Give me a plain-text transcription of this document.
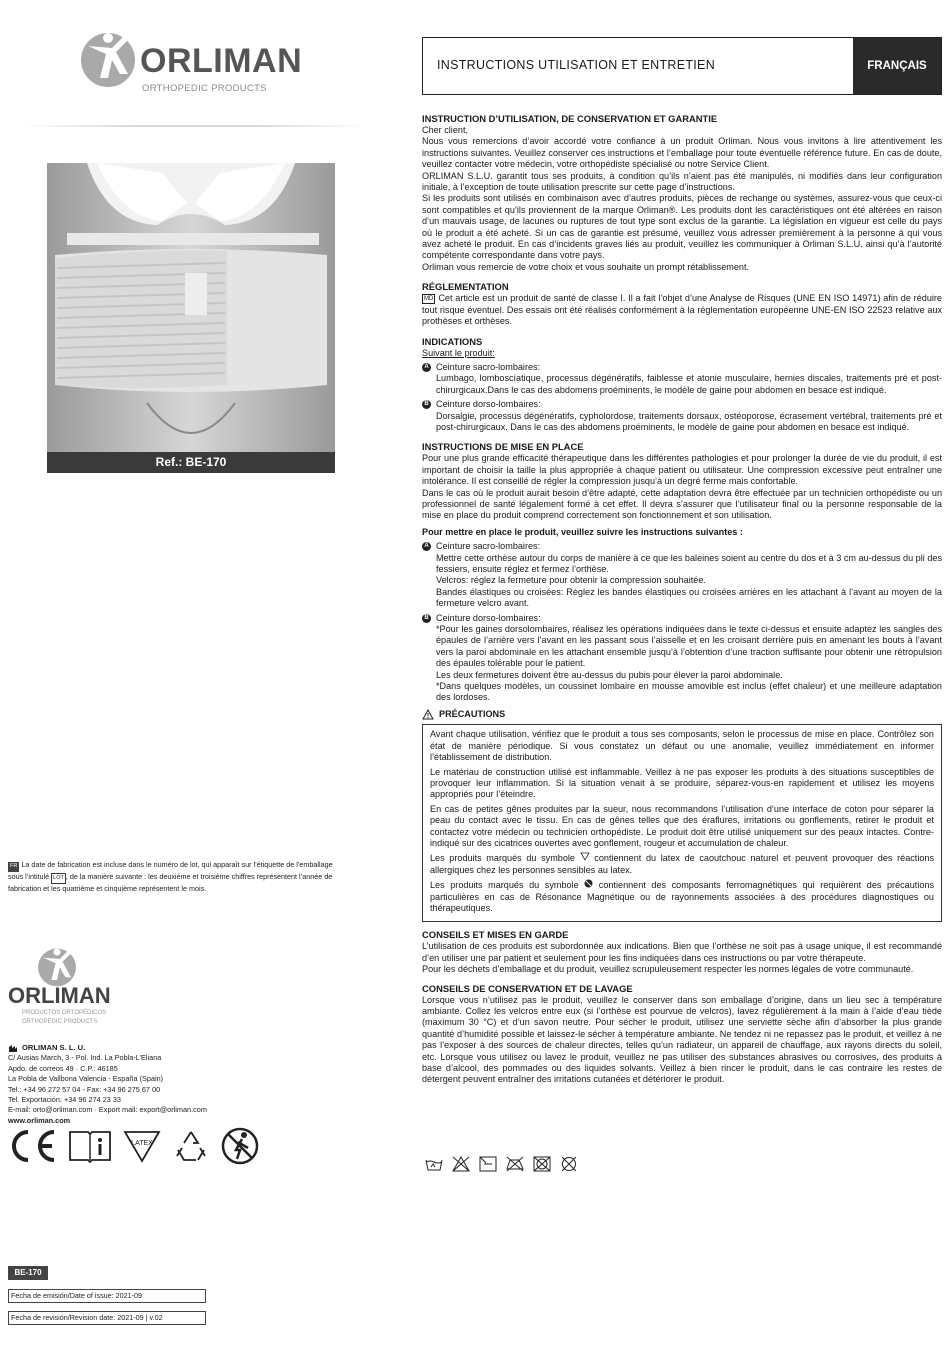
ORLIMAN
ORTHOPEDIC PRODUCTS
Ref.: BE-170
INSTRUCTIONS UTILISATION ET ENTRETIEN	FRANÇAIS
INSTRUCTION D’UTILISATION, DE CONSERVATION ET GARANTIE

Cher client,

Nous vous remercions d’avoir accordé votre confiance à un produit Orliman. Nous vous invitons à lire attentivement les instructions suivantes. Veuillez conserver ces instructions et l’emballage pour toute éventuelle référence future. En cas de doute, veuillez contacter votre médecin, votre orthopédiste spécialisé ou notre Service Client.

ORLIMAN S.L.U. garantit tous ses produits, à condition qu’ils n’aient pas été manipulés, ni modifiés dans leur configuration initiale, à l’exception de toute utilisation prescrite sur cette page d’instructions.

Si les produits sont utilisés en combinaison avec d’autres produits, pièces de rechange ou systèmes, assurez-vous que ceux-ci sont compatibles et qu’ils proviennent de la marque Orliman®. Les produits dont les caractéristiques ont été altérées en raison d’un mauvais usage, de lacunes ou ruptures de tout type sont exclus de la garantie. La législation en vigueur est celle du pays où le produit a été acheté. Si un cas de garantie est présumé, veuillez vous adresser premièrement à la personne à qui vous avez acheté le produit. En cas d’incidents graves liés au produit, veuillez les communiquer à Orliman S.L.U. ainsi qu’à l’autorité compétente correspondante dans votre pays.

Orliman vous remercie de votre choix et vous souhaite un prompt rétablissement.

RÉGLEMENTATION

MD Cet article est un produit de santé de classe I. Il a fait l’objet d’une Analyse de Risques (UNE EN ISO 14971) afin de réduire tout risque éventuel. Des essais ont été réalisés conformément à la réglementation européenne UNE-EN ISO 22523 relative aux prothèses et orthèses.

INDICATIONS

Suivant le produit:

A Ceinture sacro-lombaires:

Lumbago, lomboscíatique, processus dégénératifs, faiblesse et atonie musculaire, hernies discales, traitements pré et post-chirurgicaux.Dans le cas des abdomens proéminents, le modèle de gaine pour abdomen en besace est indiqué.

B Ceinture dorso-lombaires:

Dorsalgie, processus dégénératifs, cypholordose, traitements dorsaux, ostéoporose, écrasement vertébral, traitements pré et post-chirurgicaux. Dans le cas des abdomens proéminents, le modèle de gaine pour abdomen en besace est indiqué.

INSTRUCTIONS DE MISE EN PLACE

Pour une plus grande efficacité thérapeutique dans les différentes pathologies et pour prolonger la durée de vie du produit, il est important de choisir la taille la plus appropriée à chaque patient ou utilisateur. Une compression excessive peut entraîner une intolérance. Il est conseillé de régler la compression jusqu’à un degré ferme mais confortable.

Dans le cas où le produit aurait besoin d’être adapté, cette adaptation devra être effectuée par un technicien orthopédiste ou un professionnel de santé légalement formé à cet effet. Il devra s’assurer que l’utilisateur final ou la personne responsable de la mise en place du produit comprend correctement son fonctionnement et son utilisation.

Pour mettre en place le produit, veuillez suivre les instructions suivantes :

A Ceinture sacro-lombaires:

Mettre cette orthèse autour du corps de manière à ce que les baleines soient au centre du dos et à 3 cm au-dessus du pli des fessiers, ensuite réglez et fermez l’orthèse.

Velcros: réglez la fermeture pour obtenir la compression souhaitée.

Bandes élastiques ou croisées: Réglez les bandes élastiques ou croisées arrières en les attachant à l’avant au moyen de la fermeture velcro avant.

B Ceinture dorso-lombaires:

*Pour les gaines dorsolombaires, réalisez les opérations indiquées dans le texte ci-dessus et ensuite adaptez les sangles des épaules de l’arrière vers l’avant en les passant sous l’aisselle et en les croisant derrière puis en amenant les bouts à l’avant vers la paroi abdominale en les attachant ensemble jusqu’à l’obtention d’une traction suffisante pour obtenir une rétropulsion des épaules tolérable pour le patient.

Les deux fermetures doivent être au-dessus du pubis pour élever la paroi abdominale.

*Dans quelques modèles, un coussinet lombaire en mousse amovible est inclus (effet chaleur) et une meilleure adaptation des lordoses.

PRÉCAUTIONS

Avant chaque utilisation, vérifiez que le produit a tous ses composants, selon le processus de mise en place. Contrôlez son état de manière périodique. Si vous constatez un défaut ou une anomalie, veuillez immédiatement en informer l’établissement de distribution.

Le matériau de construction utilisé est inflammable. Veillez à ne pas exposer les produits à des situations susceptibles de provoquer leur inflammation. Si la situation venait à se produire, séparez-vous-en rapidement et utilisez les moyens appropriés pour l’éteindre.

En cas de petites gênes produites par la sueur, nous recommandons l’utilisation d’une interface de coton pour séparer la peau du contact avec le tissu. En cas de gênes telles que des éraflures, irritations ou gonflements, retirer le produit et contactez votre médecin ou technicien orthopédiste. Le produit doit être utilisé uniquement sur des peaux intactes. Contre-indiqué sur des cicatrices ouvertes avec gonflement, rougeur et accumulation de chaleur.

Les produits marqués du symbole contiennent du latex de caoutchouc naturel et peuvent provoquer des réactions allergiques chez les personnes sensibles au latex.

Les produits marqués du symbole contiennent des composants ferromagnétiques qui requièrent des précautions particulières en cas de Résonance Magnétique ou de rayonnements associées à des procédures diagnostiques ou thérapeutiques.

CONSEILS ET MISES EN GARDE

L’utilisation de ces produits est subordonnée aux indications. Bien que l’orthèse ne soit pas à usage unique, il est recommandé d’en utiliser une par patient et seulement pour les fins indiquées dans ces instructions ou par votre thérapeute.

Pour les déchets d’emballage et du produit, veuillez scrupuleusement respecter les normes légales de votre communauté.

CONSEILS DE CONSERVATION ET DE LAVAGE

Lorsque vous n’utilisez pas le produit, veuillez le conserver dans son emballage d’origine, dans un lieu sec à température ambiante. Collez les velcros entre eux (si l’orthèse est pourvue de velcros), lavez régulièrement à la main à l’aide d’eau tiède (maximum 30 °C) et d’un savon neutre. Pour sécher le produit, utilisez une serviette sèche afin d’absorber la plus grande quantité d’humidité possible et laissez-le sécher à température ambiante. Ne tendez ni ne repassez pas le produit, et veillez à ne pas l’exposer à des sources de chaleur directes, telles qu’un radiateur, un appareil de chauffage, aux rayons directs du soleil, etc. Lorsque vous utilisez ou lavez le produit, veuillez ne pas utiliser des substances abrasives ou corrosives, des produits à base d’alcool, des pommades ou des liquides solvants. Veillez à bien rincer le produit, dans le cas contraire les restes de détergent peuvent entraîner des irritations cutanées et détériorer le produit.

FR La date de fabrication est incluse dans le numéro de lot, qui apparaît sur l’étiquette de l’emballage sous l’intitulé LOT , de la manière suivante : les deuxième et troisième chiffres représentent l’année de fabrication et les quatrième et cinquième représentent le mois.
ORLIMAN
PRODUCTOS ORTOPÉDICOS
ORTHOPEDIC PRODUCTS
ORLIMAN S. L. U.
C/ Ausias March, 3 - Pol. Ind. La Pobla-L’Eliana
Apdo. de correos 49 · C.P.: 46185
La Pobla de Vallbona Valencia - España (Spain)
Tel.: +34 96 272 57 04 - Fax: +34 96 275 67 00
Tel. Exportación: +34 96 274 23 33
E-mail: orto@orliman.com · Export mail: export@orliman.com
www.orliman.com
LATEX
BE-170
Fecha de emisión/Date of issue: 2021-09
Fecha de revisión/Revision date: 2021-09 | v.02
